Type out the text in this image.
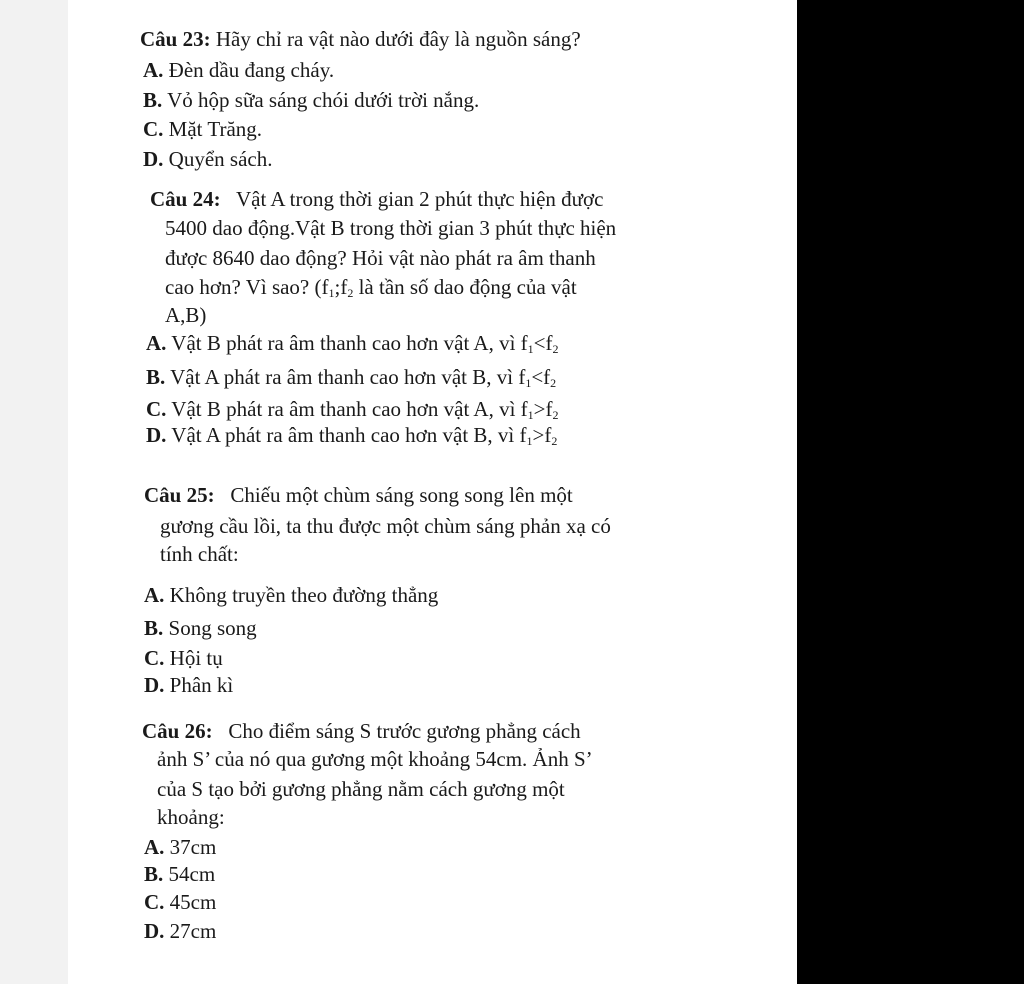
Câu 23: Hãy chỉ ra vật nào dưới đây là nguồn sáng?
A. Đèn dầu đang cháy.
B. Vỏ hộp sữa sáng chói dưới trời nắng.
C. Mặt Trăng.
D. Quyển sách.
Câu 24: Vật A trong thời gian 2 phút thực hiện được
5400 dao động.Vật B trong thời gian 3 phút thực hiện
được 8640 dao động? Hỏi vật nào phát ra âm thanh
cao hơn? Vì sao? ($f_1;f_2$ là tần số dao động của vật
A,B)
A. Vật B phát ra âm thanh cao hơn vật A, vì $f_1<f_2$
B. Vật A phát ra âm thanh cao hơn vật B, vì $f_1<f_2$
C. Vật B phát ra âm thanh cao hơn vật A, vì $f_1>f_2$
D. Vật A phát ra âm thanh cao hơn vật B, vì $f_1>f_2$
Câu 25: Chiếu một chùm sáng song song lên một
gương cầu lồi, ta thu được một chùm sáng phản xạ có
tính chất:
A. Không truyền theo đường thẳng
B. Song song
C. Hội tụ
D. Phân kì
Câu 26: Cho điểm sáng S trước gương phẳng cách
ảnh S’ của nó qua gương một khoảng 54cm. Ảnh S’
của S tạo bởi gương phẳng nằm cách gương một
khoảng:
A. 37cm
B. 54cm
C. 45cm
D. 27cm
